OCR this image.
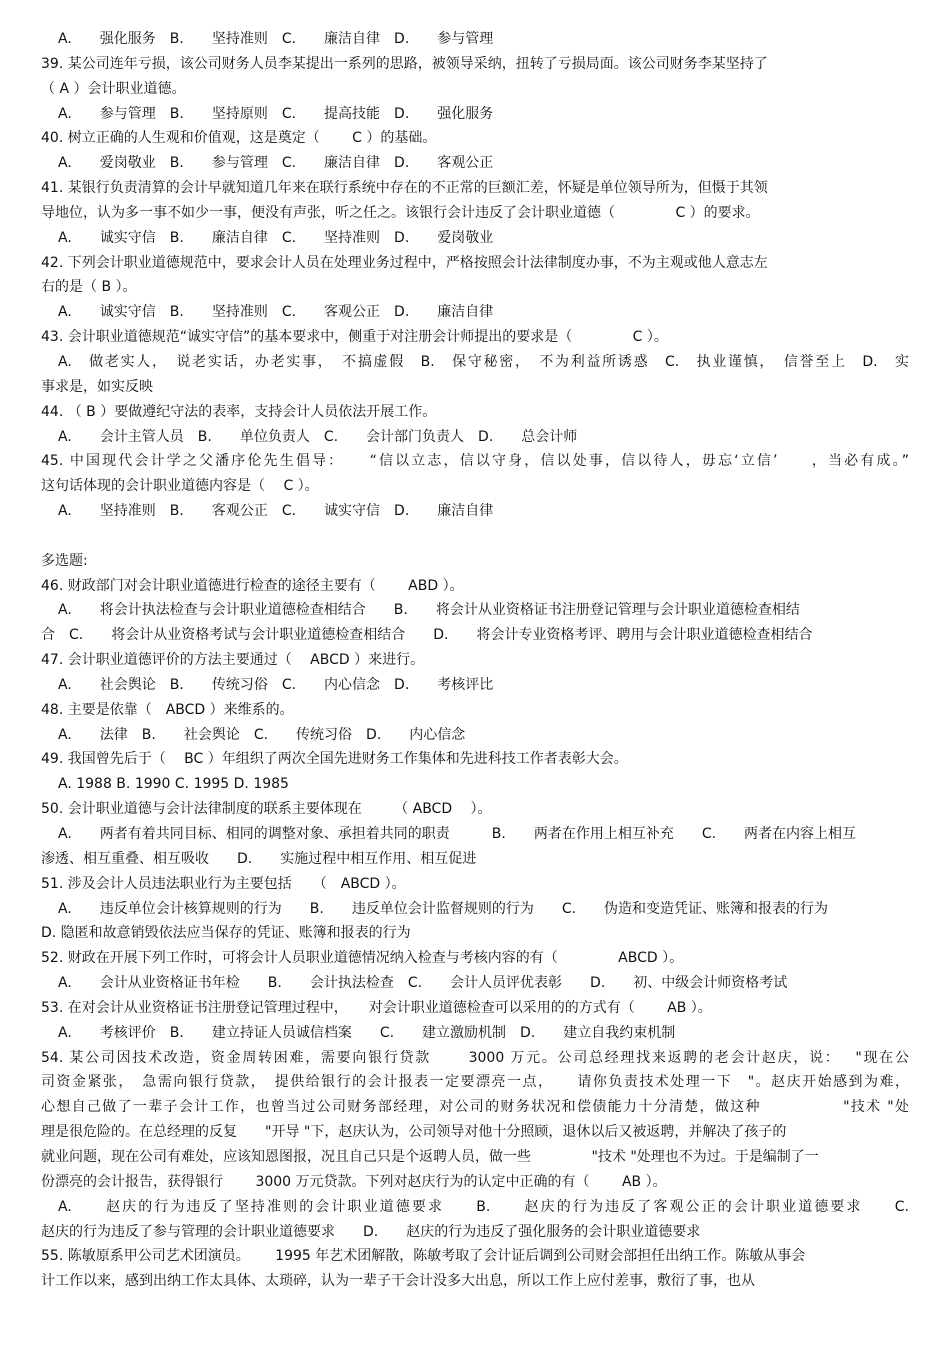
A.　　强化服务　B.　　坚持准则　C.　　廉洁自律　D.　　参与管理
39. 某公司连年亏损，该公司财务人员李某提出一系列的思路，被领导采纳，扭转了亏损局面。该公司财务李某坚持了
（ A ）会计职业道德。
A.　　参与管理　B.　　坚持原则　C.　　提高技能　D.　　强化服务
40. 树立正确的人生观和价值观，这是奠定（　　 C ）的基础。
A.　　爱岗敬业　B.　　参与管理　C.　　廉洁自律　D.　　客观公正
41. 某银行负责清算的会计早就知道几年来在联行系统中存在的不正常的巨额汇差，怀疑是单位领导所为，但慑于其领
导地位，认为多一事不如少一事，便没有声张，听之任之。该银行会计违反了会计职业道德（　　　　 C ）的要求。
A.　　诚实守信　B.　　廉洁自律　C.　　坚持准则　D.　　爱岗敬业
42. 下列会计职业道德规范中，要求会计人员在处理业务过程中，严格按照会计法律制度办事，不为主观或他人意志左
右的是（ B ）。
A.　　诚实守信　B.　　坚持准则　C.　　客观公正　D.　　廉洁自律
43. 会计职业道德规范“诚实守信”的基本要求中，侧重于对注册会计师提出的要求是（　　　　 C ）。
A.　做老实人，　说老实话，办老实事，　不搞虚假　B.　保守秘密，　不为利益所诱惑　C.　执业谨慎，　信誉至上　D.　实
事求是，如实反映
44. （ B ）要做遵纪守法的表率，支持会计人员依法开展工作。
A.　　会计主管人员　B.　　单位负责人　C.　　会计部门负责人　D.　　总会计师
45. 中国现代会计学之父潘序伦先生倡导：　　“信以立志，信以守身，信以处事，信以待人，毋忘‘立信’　　，当必有成。”
这句话体现的会计职业道德内容是（　 C ）。
A.　　坚持准则　B.　　客观公正　C.　　诚实守信　D.　　廉洁自律
多选题:
46. 财政部门对会计职业道德进行检查的途径主要有（　　 ABD ）。
A.　　将会计执法检查与会计职业道德检查相结合　　B.　　将会计从业资格证书注册登记管理与会计职业道德检查相结
合　C.　　将会计从业资格考试与会计职业道德检查相结合　　D.　　将会计专业资格考评、聘用与会计职业道德检查相结合
47. 会计职业道德评价的方法主要通过（　 ABCD ）来进行。
A.　　社会舆论　B.　　传统习俗　C.　　内心信念　D.　　考核评比
48. 主要是依靠（　ABCD ）来维系的。
A.　　法律　B.　　社会舆论　C.　　传统习俗　D.　　内心信念
49. 我国曾先后于（　 BC ）年组织了两次全国先进财务工作集体和先进科技工作者表彰大会。
A. 1988 B. 1990 C. 1995 D. 1985
50. 会计职业道德与会计法律制度的联系主要体现在　　 （ ABCD　 ）。
A.　　两者有着共同目标、相同的调整对象、承担着共同的职责　　　B.　　两者在作用上相互补充　　C.　　两者在内容上相互
渗透、相互重叠、相互吸收　　D.　　实施过程中相互作用、相互促进
51. 涉及会计人员违法职业行为主要包括　　（　ABCD ）。
A.　　违反单位会计核算规则的行为　　B.　　违反单位会计监督规则的行为　　C.　　伪造和变造凭证、账簿和报表的行为
D. 隐匿和故意销毁依法应当保存的凭证、账簿和报表的行为
52. 财政在开展下列工作时，可将会计人员职业道德情况纳入检查与考核内容的有（　　　　 ABCD ）。
A.　　会计从业资格证书年检　　B.　　会计执法检查　C.　　会计人员评优表彰　　D.　　初、中级会计师资格考试
53. 在对会计从业资格证书注册登记管理过程中，　　对会计职业道德检查可以采用的的方式有（　　 AB ）。
A.　　考核评价　B.　　建立持证人员诚信档案　　C.　　建立激励机制　D.　　建立自我约束机制
54. 某公司因技术改造，资金周转困难，需要向银行贷款　　 3000 万元。公司总经理找来返聘的老会计赵庆，说：　 "现在公
司资金紧张，　急需向银行贷款，　提供给银行的会计报表一定要漂亮一点，　　请你负责技术处理一下　"。赵庆开始感到为难，
心想自己做了一辈子会计工作，也曾当过公司财务部经理，对公司的财务状况和偿债能力十分清楚，做这种　　　　　 "技术 "处
理是很危险的。在总经理的反复　　"开导 "下，赵庆认为，公司领导对他十分照顾，退休以后又被返聘，并解决了孩子的
就业问题，现在公司有难处，应该知恩图报，况且自己只是个返聘人员，做一些　　　　 "技术 "处理也不为过。于是编制了一
份漂亮的会计报告，获得银行　　 3000 万元贷款。下列对赵庆行为的认定中正确的有（　　 AB ）。
A.　　赵庆的行为违反了坚持准则的会计职业道德要求　　B.　　赵庆的行为违反了客观公正的会计职业道德要求　　C.
赵庆的行为违反了参与管理的会计职业道德要求　　D.　　赵庆的行为违反了强化服务的会计职业道德要求
55. 陈敏原系甲公司艺术团演员。　　 1995 年艺术团解散，陈敏考取了会计证后调到公司财会部担任出纳工作。陈敏从事会
计工作以来，感到出纳工作太具体、太琐碎，认为一辈子干会计没多大出息，所以工作上应付差事，敷衍了事，也从
